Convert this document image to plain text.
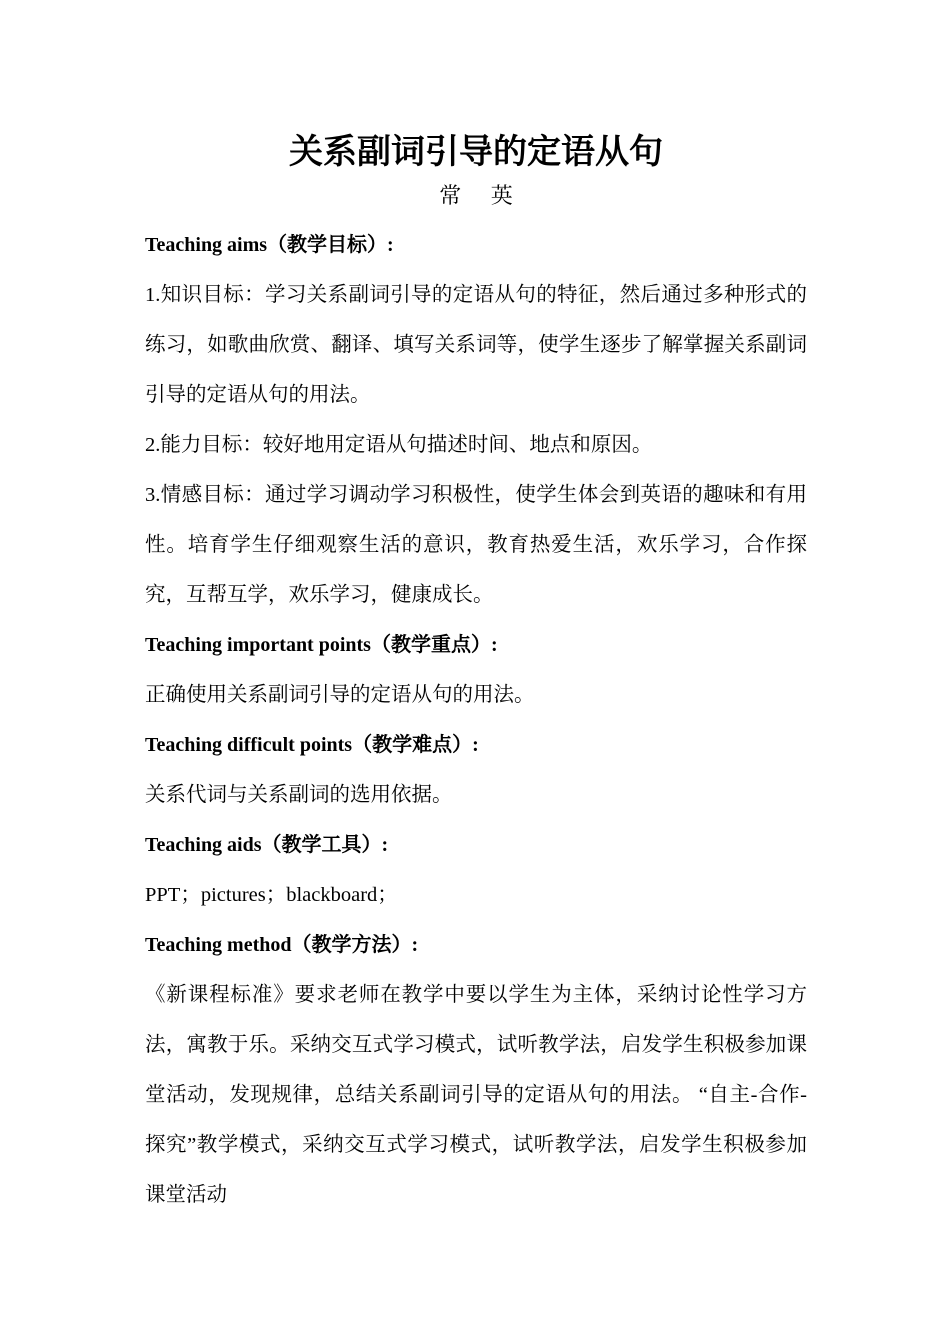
关系副词引导的定语从句

常 英

Teaching aims（教学目标）:

1.知识目标：学习关系副词引导的定语从句的特征，然后通过多种形式的练习，如歌曲欣赏、翻译、填写关系词等，使学生逐步了解掌握关系副词引导的定语从句的用法。

2.能力目标：较好地用定语从句描述时间、地点和原因。

3.情感目标：通过学习调动学习积极性，使学生体会到英语的趣味和有用性。培育学生仔细观察生活的意识，教育热爱生活，欢乐学习，合作探究，互帮互学，欢乐学习，健康成长。

Teaching important points（教学重点）:

正确使用关系副词引导的定语从句的用法。

Teaching difficult points（教学难点）:

关系代词与关系副词的选用依据。

Teaching aids（教学工具）:

PPT；pictures；blackboard；

Teaching method（教学方法）:

《新课程标准》要求老师在教学中要以学生为主体，采纳讨论性学习方法，寓教于乐。采纳交互式学习模式，试听教学法，启发学生积极参加课堂活动，发现规律，总结关系副词引导的定语从句的用法。 “自主-合作-探究”教学模式，采纳交互式学习模式，试听教学法，启发学生积极参加课堂活动
